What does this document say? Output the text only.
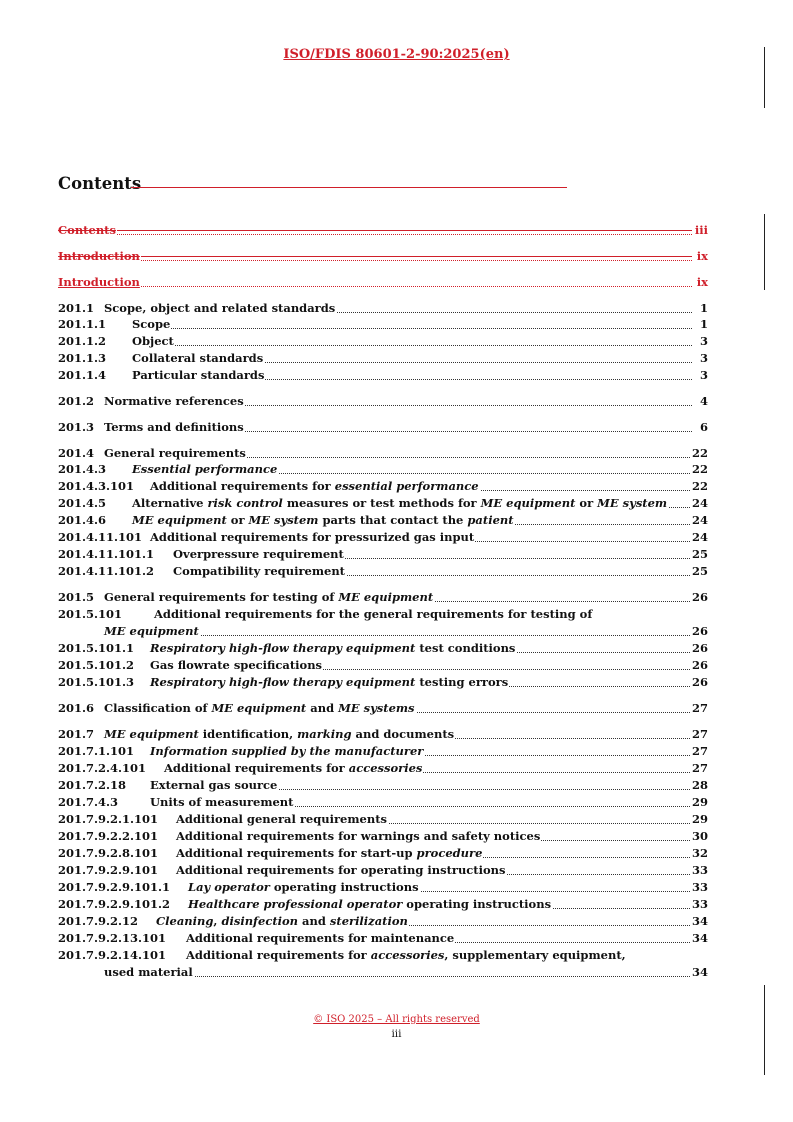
ISO/FDIS 80601-2-90:2025(en)
Contents
Contents	iii
Introduction	ix
Introduction	ix
201.1 Scope, object and related standards	1
201.1.1 Scope	1
201.1.2 Object	3
201.1.3 Collateral standards	3
201.1.4 Particular standards	3
201.2 Normative references	4
201.3 Terms and definitions	6
201.4 General requirements	22
201.4.3 Essential performance	22
201.4.3.101 Additional requirements for essential performance	22
201.4.5 Alternative risk control measures or test methods for ME equipment or ME system 24
201.4.6 ME equipment or ME system parts that contact the patient	24
201.4.11.101 Additional requirements for pressurized gas input	24
201.4.11.101.1 Overpressure requirement	25
201.4.11.101.2 Compatibility requirement	25
201.5 General requirements for testing of ME equipment	26
201.5.101	Additional requirements for the general requirements for testing of
ME equipment	26
201.5.101.1 Respiratory high-flow therapy equipment test conditions	26
201.5.101.2 Gas flowrate specifications	26
201.5.101.3 Respiratory high-flow therapy equipment testing errors	26
201.6 Classification of ME equipment and ME systems	27
201.7 ME equipment identification, marking and documents	27
201.7.1.101 Information supplied by the manufacturer	27
201.7.2.4.101 Additional requirements for accessories	27
201.7.2.18 External gas source	28
201.7.4.3	Units of measurement	29
201.7.9.2.1.101 Additional general requirements	29
201.7.9.2.2.101 Additional requirements for warnings and safety notices	30
201.7.9.2.8.101 Additional requirements for start-up procedure	32
201.7.9.2.9.101 Additional requirements for operating instructions	33
201.7.9.2.9.101.1 Lay operator operating instructions	33
201.7.9.2.9.101.2 Healthcare professional operator operating instructions	33
201.7.9.2.12 Cleaning, disinfection and sterilization	34
201.7.9.2.13.101 Additional requirements for maintenance	34
201.7.9.2.14.101 Additional requirements for accessories, supplementary equipment,
used material	34
© ISO 2025 – All rights reserved
iii
